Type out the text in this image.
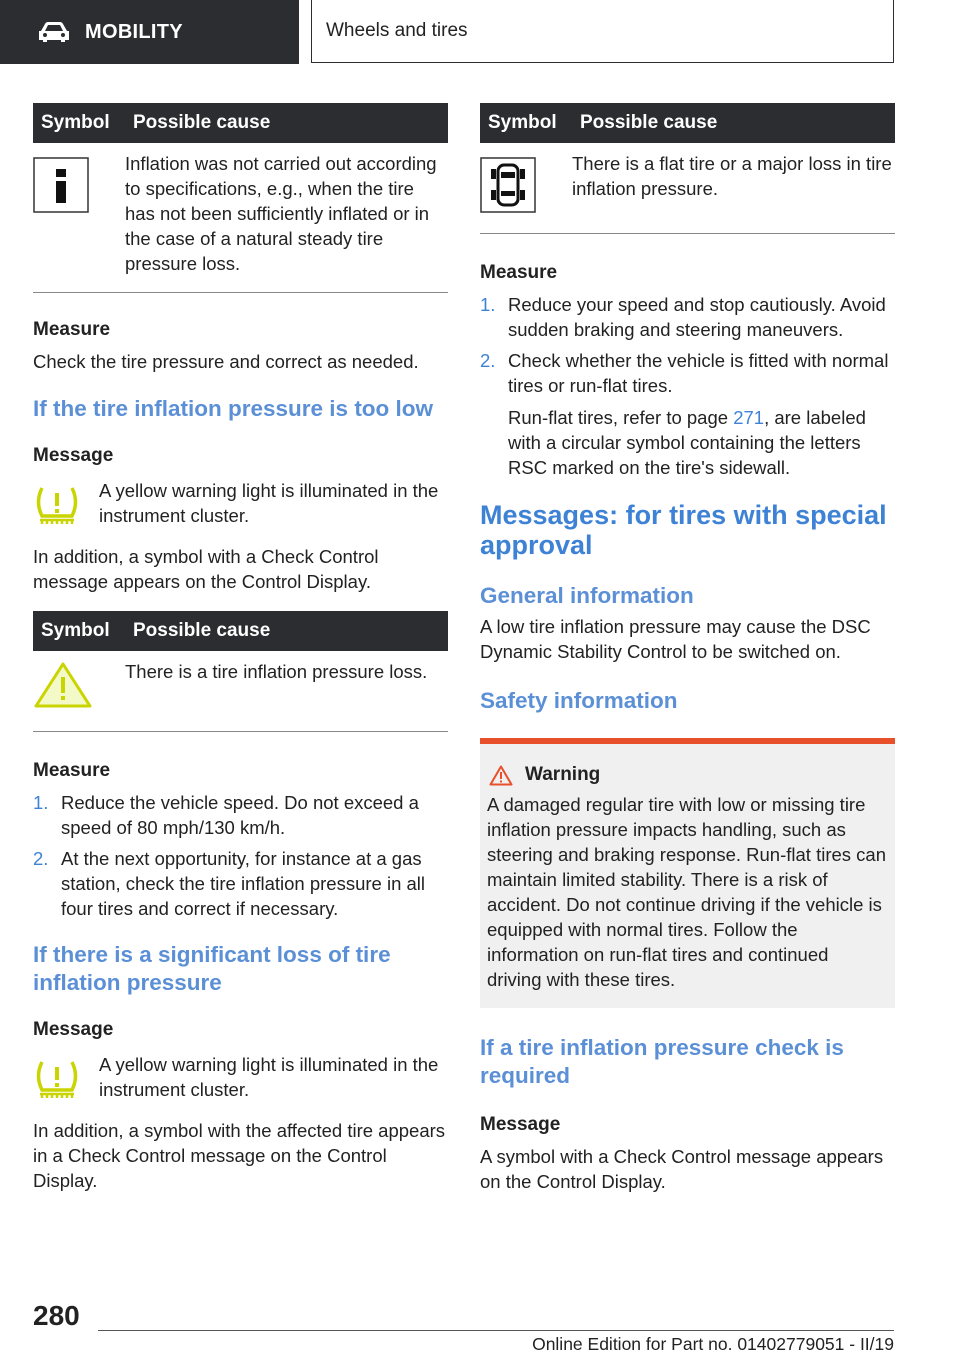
MOBILITY	Wheels and tires
Symbol	Possible cause
	Inflation was not carried out according to specifications, e.g., when the tire has not been sufficiently inflated or in the case of a natural steady tire pressure loss.

Measure

Check the tire pressure and correct as needed.

If the tire inflation pressure is too low

Message

A yellow warning light is illuminated in the instrument cluster.

In addition, a symbol with a Check Control message appears on the Control Display.

Symbol	Possible cause
	There is a tire inflation pressure loss.

Measure

1. Reduce the vehicle speed. Do not exceed a speed of 80 mph/130 km/h.
2. At the next opportunity, for instance at a gas station, check the tire inflation pressure in all four tires and correct if necessary.
If there is a significant loss of tire inflation pressure

Message

A yellow warning light is illuminated in the instrument cluster.

In addition, a symbol with the affected tire appears in a Check Control message on the Control Display.

Symbol	Possible cause
	There is a flat tire or a major loss in tire inflation pressure.

Measure

1. Reduce your speed and stop cautiously. Avoid sudden braking and steering maneuvers.
2. Check whether the vehicle is fitted with normal tires or run-flat tires.
Run-flat tires, refer to page 271, are labeled with a circular symbol containing the letters RSC marked on the tire's sidewall.
Messages: for tires with special approval
General information

A low tire inflation pressure may cause the DSC Dynamic Stability Control to be switched on.

Safety information
Warning

A damaged regular tire with low or missing tire inflation pressure impacts handling, such as steering and braking response. Run-flat tires can maintain limited stability. There is a risk of accident. Do not continue driving if the vehicle is equipped with normal tires. Follow the information on run-flat tires and continued driving with these tires.

If a tire inflation pressure check is required

Message

A symbol with a Check Control message appears on the Control Display.

280
Online Edition for Part no. 01402779051 - II/19
